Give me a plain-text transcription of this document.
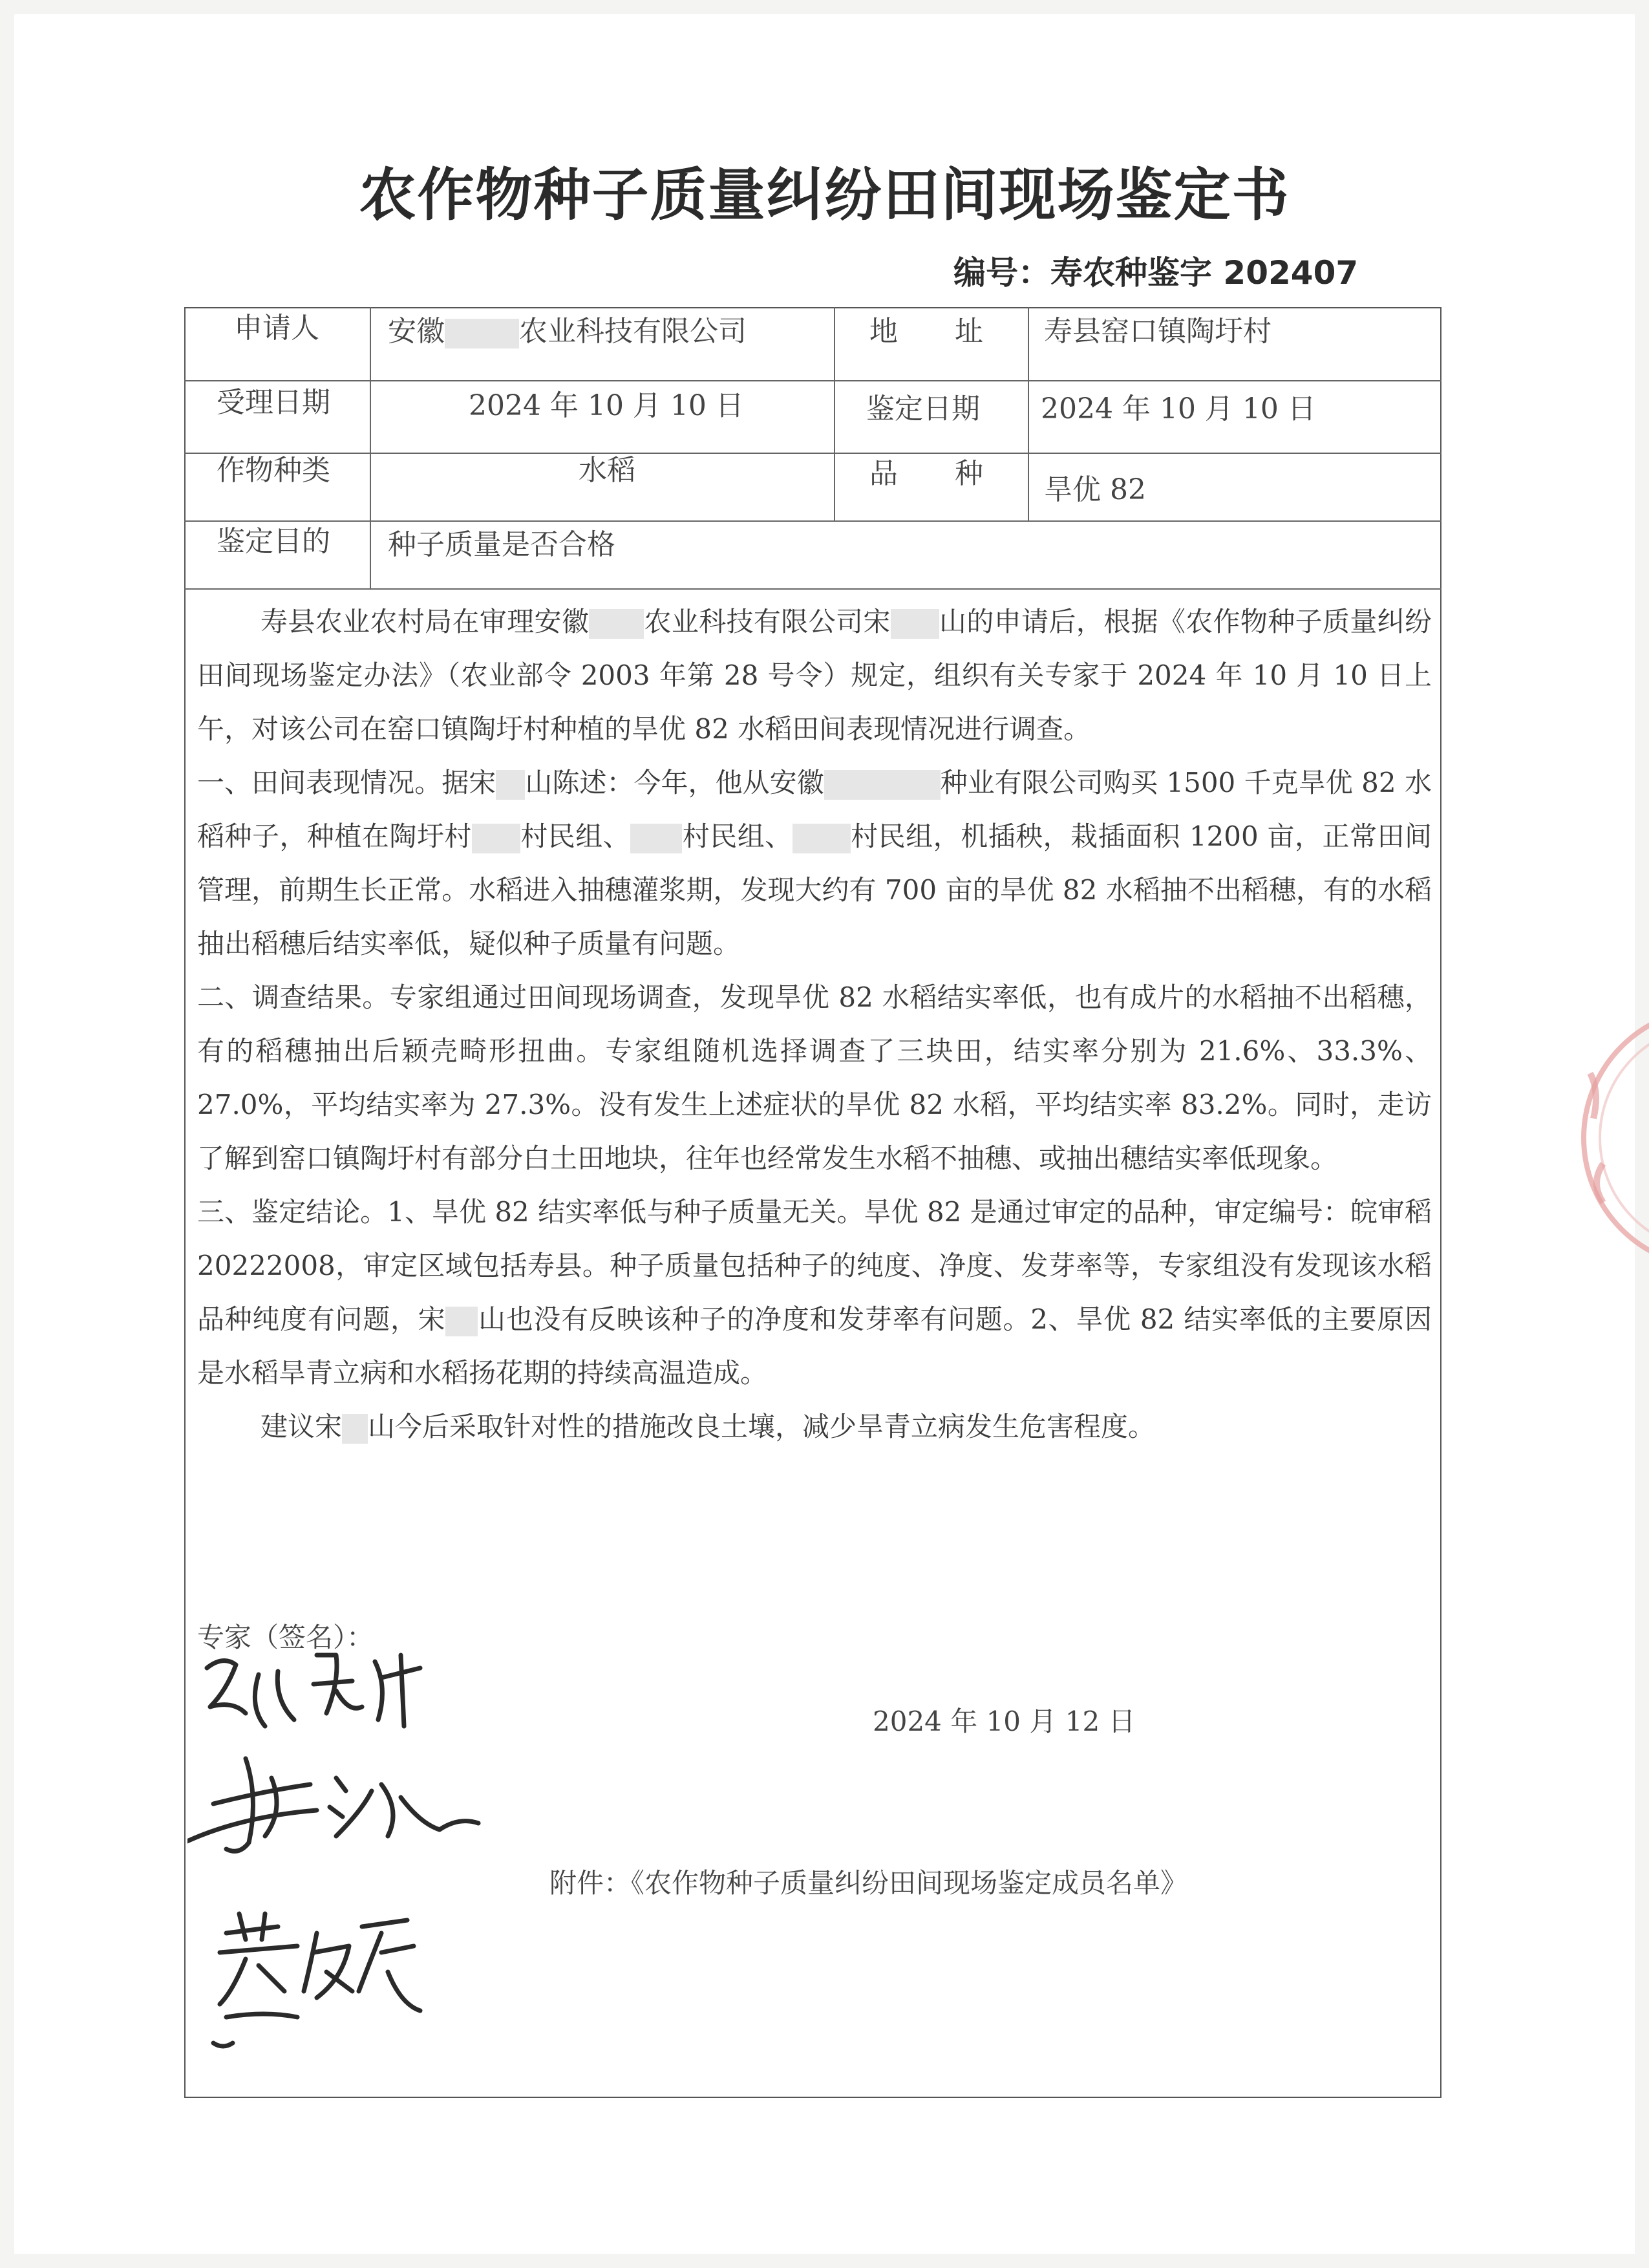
农作物种子质量纠纷田间现场鉴定书
编号：寿农种鉴字 202407
申请人 安徽	农业科技有限公司	地　　址 寿县窑口镇陶圩村
受理日期	2024 年 10 月 10 日	鉴定日期 2024 年 10 月 10 日
作物种类	水稻	品　　种 旱优 82
鉴定目的 种子质量是否合格

寿县农业农村局在审理安徽 农业科技有限公司宋 山的申请后，根据《农作物种子质量纠纷田间现场鉴定办法》（农业部令 2003 年第 28 号令）规定，组织有关专家于 2024 年 10 月 10 日上午，对该公司在窑口镇陶圩村种植的旱优 82 水稻田间表现情况进行调查。

一、田间表现情况。据宋 山陈述：今年，他从安徽	种业有限公司购买 1500 千克旱优 82 水稻种子，种植在陶圩村 村民组、 村民组、 村民组，机插秧，栽插面积 1200 亩，正常田间管理，前期生长正常。水稻进入抽穗灌浆期，发现大约有 700 亩的旱优 82 水稻抽不出稻穗，有的水稻抽出稻穗后结实率低，疑似种子质量有问题。

二、调查结果。专家组通过田间现场调查，发现旱优 82 水稻结实率低，也有成片的水稻抽不出稻穗，有的稻穗抽出后颖壳畸形扭曲。专家组随机选择调查了三块田，结实率分别为 21.6%、33.3%、27.0%，平均结实率为 27.3%。没有发生上述症状的旱优 82 水稻，平均结实率 83.2%。同时，走访了解到窑口镇陶圩村有部分白土田地块，往年也经常发生水稻不抽穗、或抽出穗结实率低现象。

三、鉴定结论。1、旱优 82 结实率低与种子质量无关。旱优 82 是通过审定的品种，审定编号：皖审稻 20222008，审定区域包括寿县。种子质量包括种子的纯度、净度、发芽率等，专家组没有发现该水稻品种纯度有问题，宋 山也没有反映该种子的净度和发芽率有问题。2、旱优 82 结实率低的主要原因是水稻旱青立病和水稻扬花期的持续高温造成。

建议宋 山今后采取针对性的措施改良土壤，减少旱青立病发生危害程度。

专家（签名）：
2024 年 10 月 12 日
附件：《农作物种子质量纠纷田间现场鉴定成员名单》
